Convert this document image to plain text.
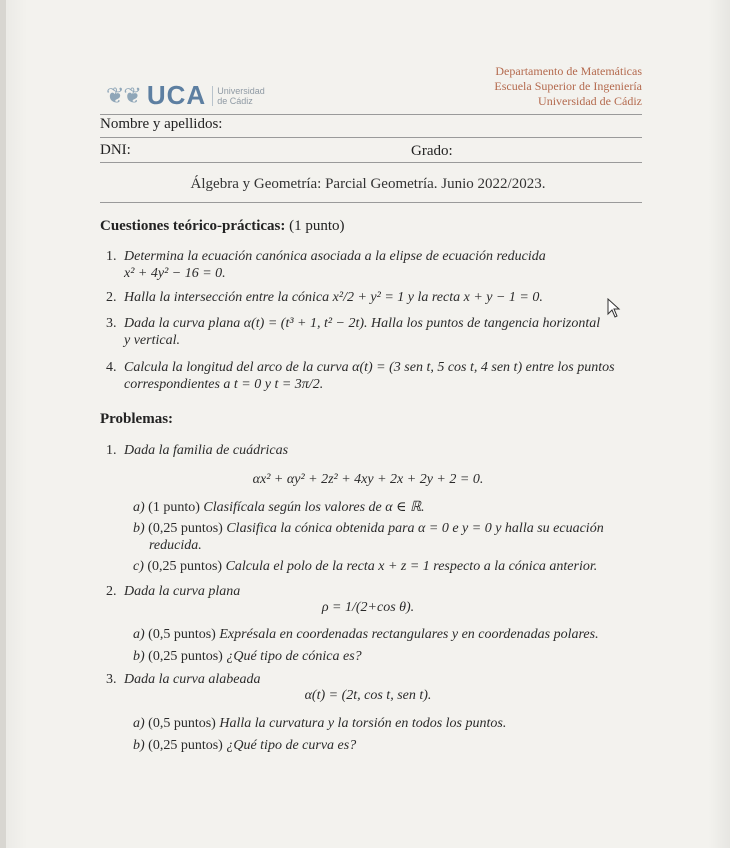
❦❦ UCA	Universidad
de Cádiz
Departamento de Matemáticas
Escuela Superior de Ingeniería
Universidad de Cádiz
Nombre y apellidos:
DNI:	Grado:
Álgebra y Geometría: Parcial Geometría. Junio 2022/2023.
Cuestiones teórico-prácticas: (1 punto)
1. Determina la ecuación canónica asociada a la elipse de ecuación reducida
x² + 4y² − 16 = 0.
2. Halla la intersección entre la cónica x²/2 + y² = 1 y la recta x + y − 1 = 0.
3. Dada la curva plana α(t) = (t³ + 1, t² − 2t). Halla los puntos de tangencia horizontal
y vertical.
4. Calcula la longitud del arco de la curva α(t) = (3 sen t, 5 cos t, 4 sen t) entre los puntos
correspondientes a t = 0 y t = 3π/2.
Problemas:
1. Dada la familia de cuádricas
αx² + αy² + 2z² + 4xy + 2x + 2y + 2 = 0.
a) (1 punto) Clasifícala según los valores de α ∈ ℝ.
b) (0,25 puntos) Clasifica la cónica obtenida para α = 0 e y = 0 y halla su ecuación
reducida.
c) (0,25 puntos) Calcula el polo de la recta x + z = 1 respecto a la cónica anterior.
2. Dada la curva plana
ρ = 1/(2+cos θ).
a) (0,5 puntos) Exprésala en coordenadas rectangulares y en coordenadas polares.
b) (0,25 puntos) ¿Qué tipo de cónica es?
3. Dada la curva alabeada
α(t) = (2t, cos t, sen t).
a) (0,5 puntos) Halla la curvatura y la torsión en todos los puntos.
b) (0,25 puntos) ¿Qué tipo de curva es?
